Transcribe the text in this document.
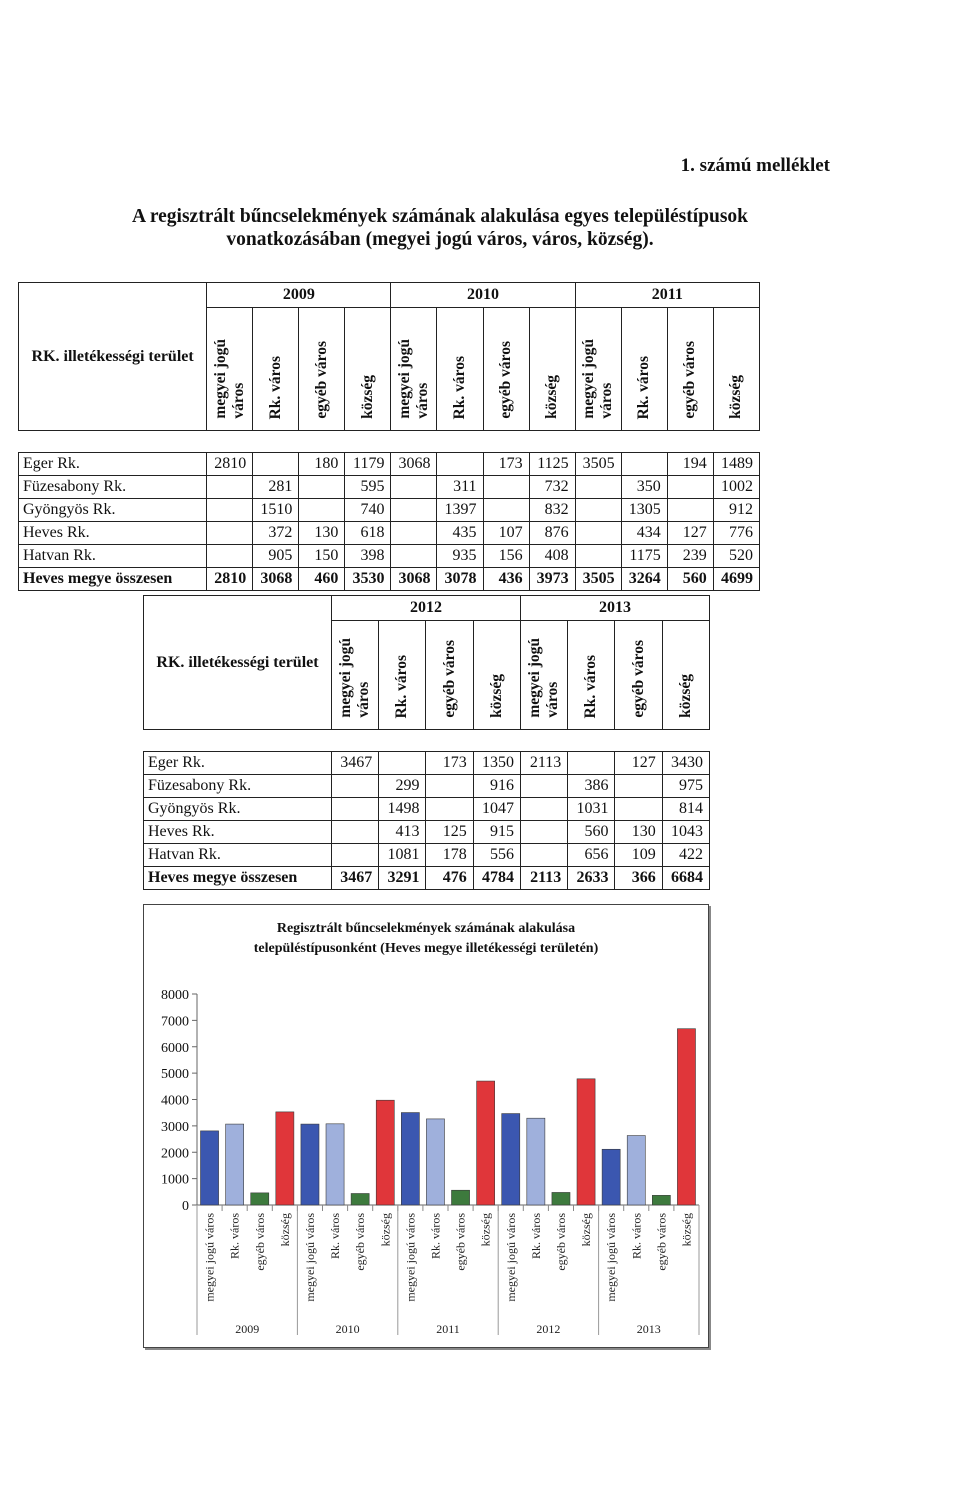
1. számú melléklet
A regisztrált bűncselekmények számának alakulása egyes településtípusok
vonatkozásában (megyei jogú város, város, község).
RK. illetékességi terület	2009				2010				2011			
	megyei jogú
város	Rk. város	egyéb város	község	megyei jogú
város	Rk. város	egyéb város	község	megyei jogú
város	Rk. város	egyéb város	község

Eger Rk.	2810		180	1179	3068		173	1125	3505		194	1489
Füzesabony Rk.		281		595		311		732		350		1002
Gyöngyös Rk.		1510		740		1397		832		1305		912
Heves Rk.		372	130	618		435	107	876		434	127	776
Hatvan Rk.		905	150	398		935	156	408		1175	239	520
Heves megye összesen	2810	3068	460	3530	3068	3078	436	3973	3505	3264	560	4699
RK. illetékességi terület	2012				2013			
	megyei jogú
város	Rk. város	egyéb város	község	megyei jogú
város	Rk. város	egyéb város	község

Eger Rk.	3467		173	1350	2113		127	3430
Füzesabony Rk.		299		916		386		975
Gyöngyös Rk.		1498		1047		1031		814
Heves Rk.		413	125	915		560	130	1043
Hatvan Rk.		1081	178	556		656	109	422
Heves megye összesen	3467	3291	476	4784	2113	2633	366	6684
Regisztrált bűncselekmények számának alakulása
településtípusonként (Heves megye illetékességi területén)
8000
7000
6000
5000
4000
3000
2000
1000
0
megyei jogú város Rk. város egyéb város község
2009
megyei jogú város Rk. város egyéb város község
2010
megyei jogú város Rk. város egyéb város község
2011
megyei jogú város Rk. város egyéb város község
2012
megyei jogú város Rk. város egyéb város község
2013
